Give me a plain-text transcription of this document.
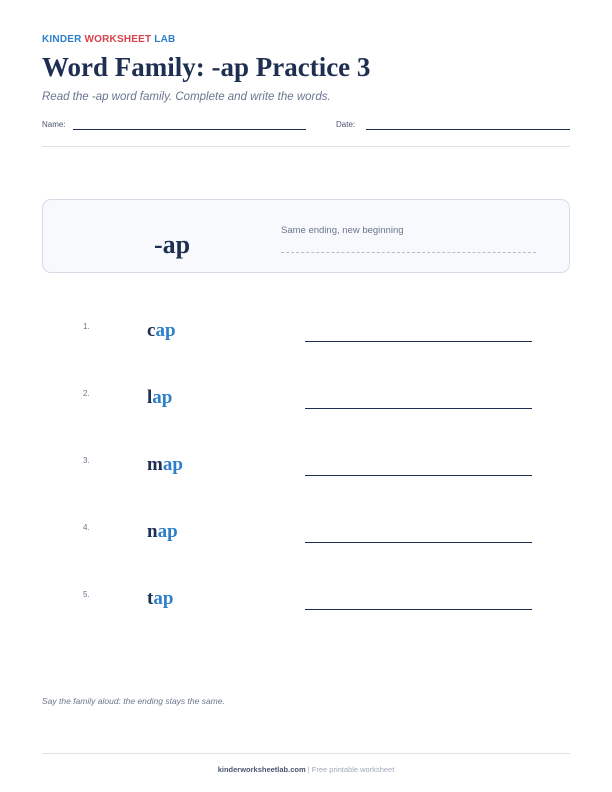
KINDER WORKSHEET LAB
Word Family: -ap Practice 3

Read the -ap word family. Complete and write the words.

Name:	Date:
-ap	Same ending, new beginning
1.	cap
2.	lap
3.	map
4.	nap
5.	tap

Say the family aloud: the ending stays the same.

kinderworksheetlab.com | Free printable worksheet
